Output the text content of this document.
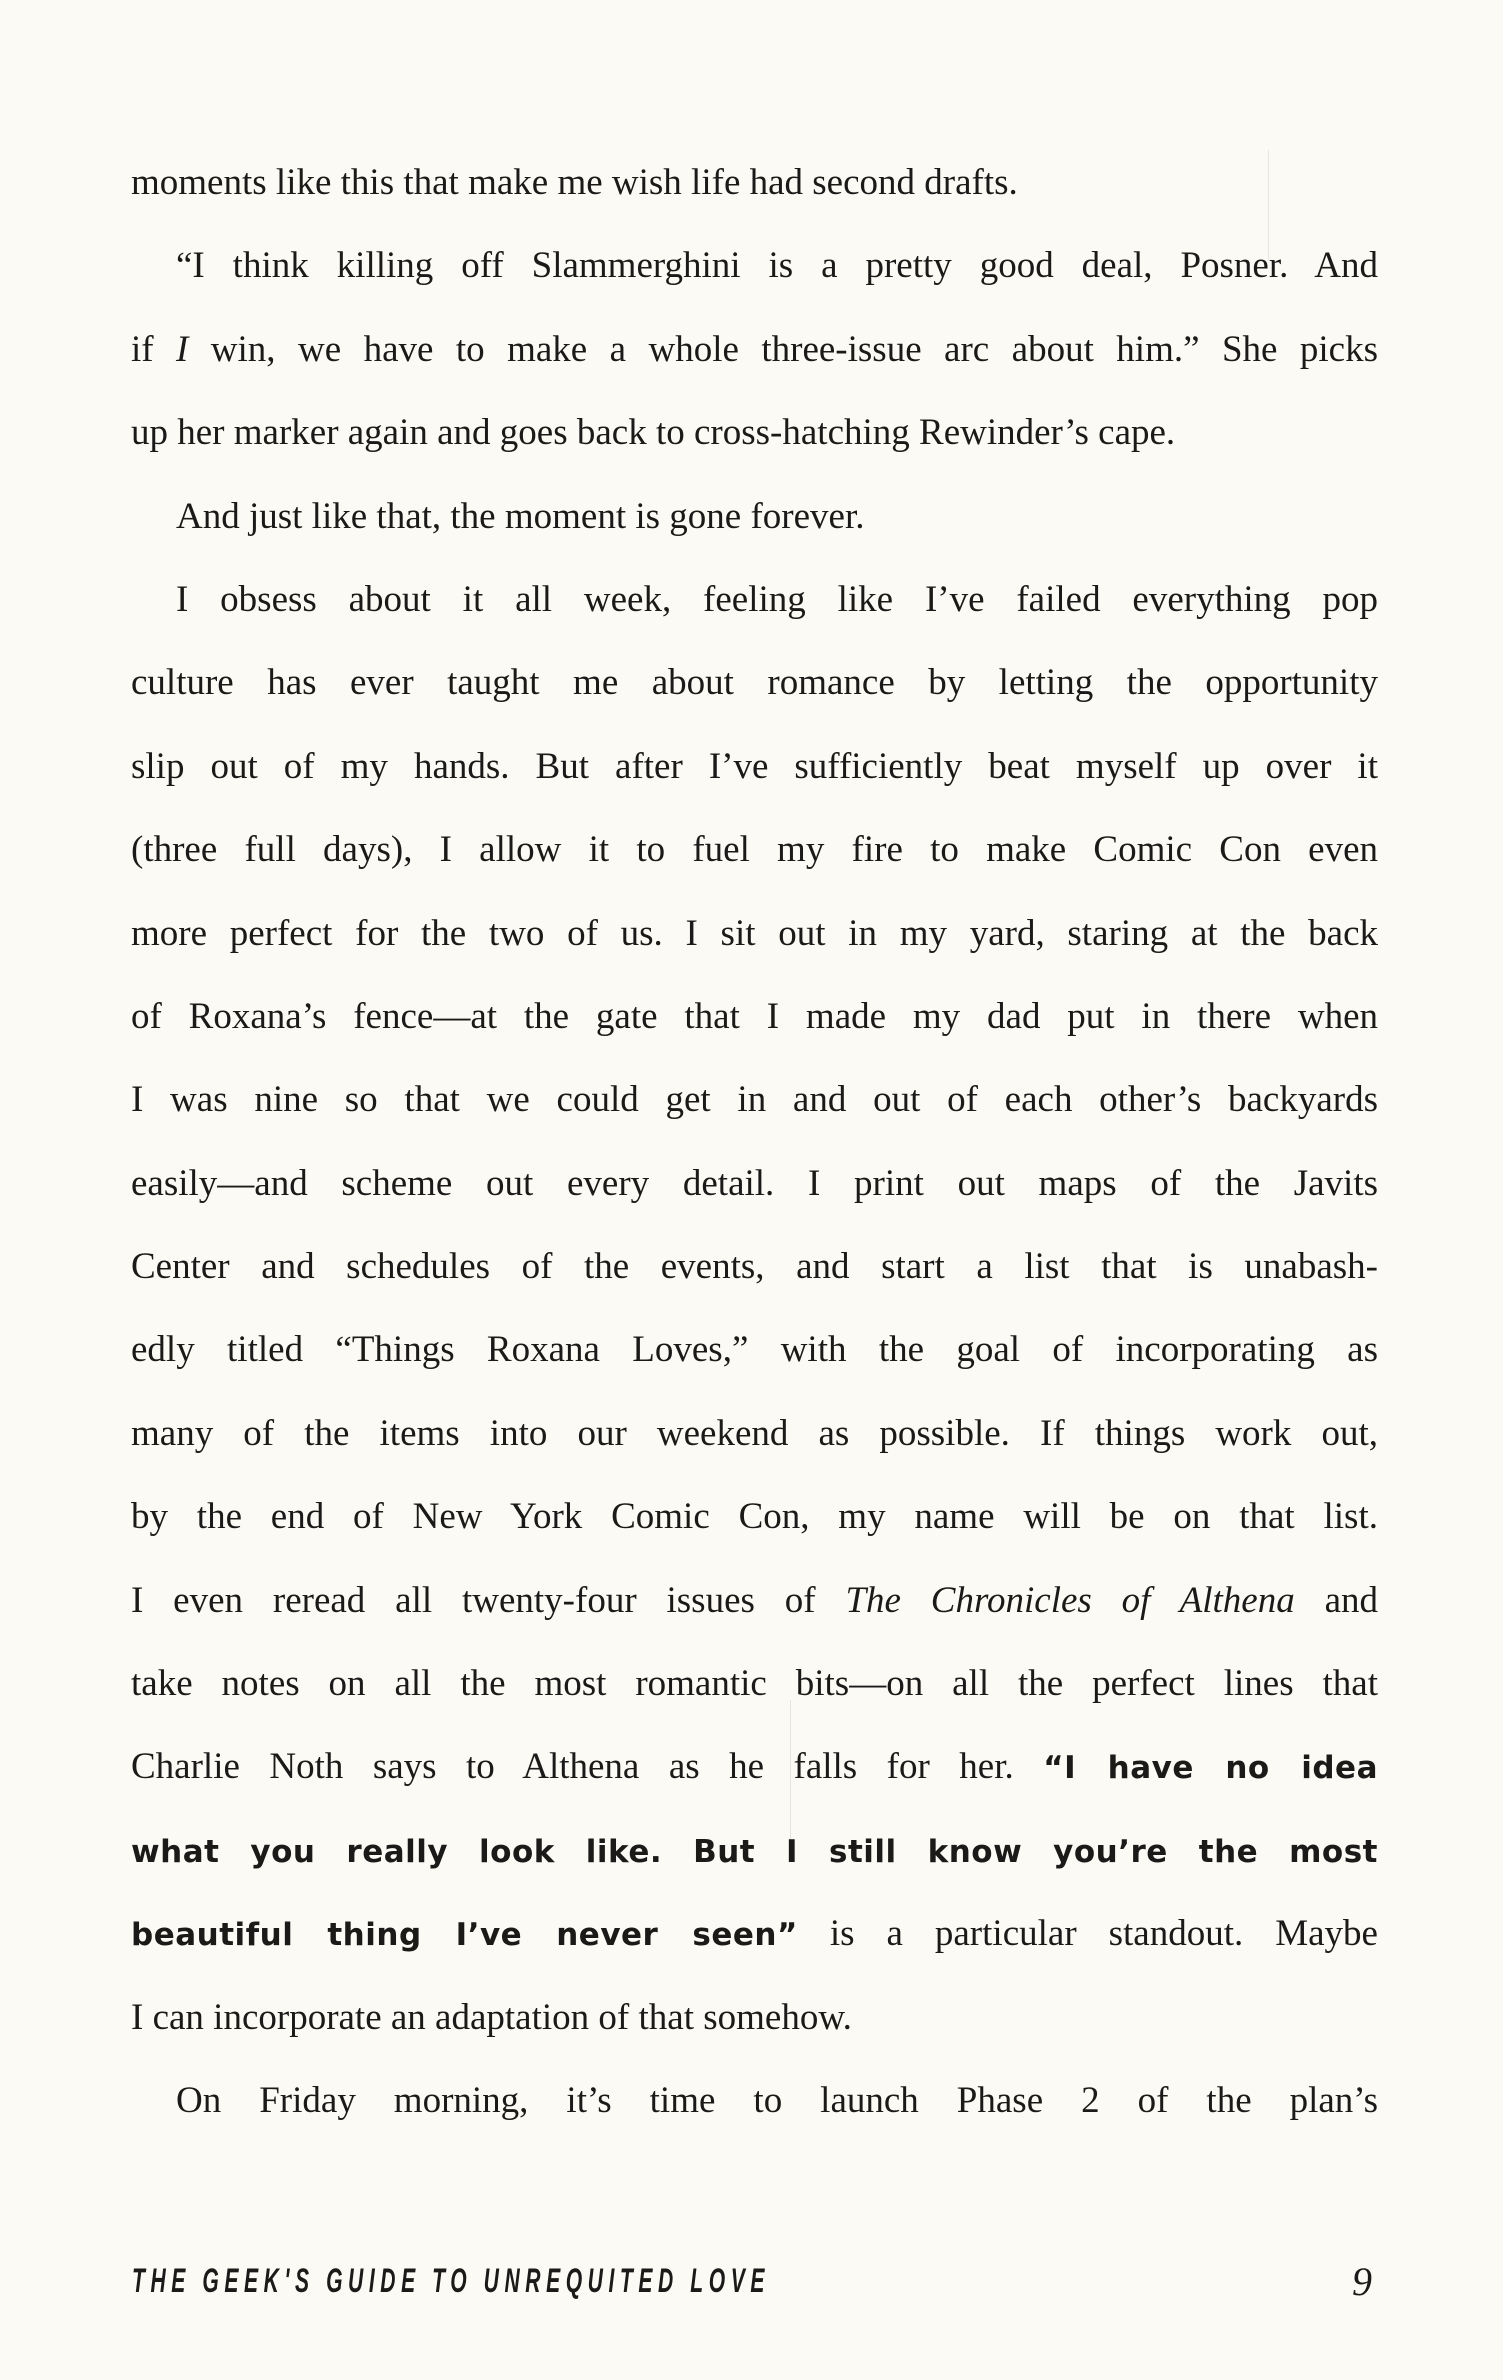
moments like this that make me wish life had second drafts.
“I think killing off Slammerghini is a pretty good deal, Posner. And
if I win, we have to make a whole three-issue arc about him.” She picks
up her marker again and goes back to cross-hatching Rewinder’s cape.
And just like that, the moment is gone forever.
I obsess about it all week, feeling like I’ve failed everything pop
culture has ever taught me about romance by letting the opportunity
slip out of my hands. But after I’ve sufficiently beat myself up over it
(three full days), I allow it to fuel my fire to make Comic Con even
more perfect for the two of us. I sit out in my yard, staring at the back
of Roxana’s fence—at the gate that I made my dad put in there when
I was nine so that we could get in and out of each other’s backyards
easily—and scheme out every detail. I print out maps of the Javits
Center and schedules of the events, and start a list that is unabash-
edly titled “Things Roxana Loves,” with the goal of incorporating as
many of the items into our weekend as possible. If things work out,
by the end of New York Comic Con, my name will be on that list.
I even reread all twenty-four issues of The Chronicles of Althena and
take notes on all the most romantic bits—on all the perfect lines that
Charlie Noth says to Althena as he falls for her. “I have no idea
what you really look like. But I still know you’re the most
beautiful thing I’ve never seen” is a particular standout. Maybe
I can incorporate an adaptation of that somehow.
On Friday morning, it’s time to launch Phase 2 of the plan’s
THE GEEK'S GUIDE TO UNREQUITED LOVE	9
